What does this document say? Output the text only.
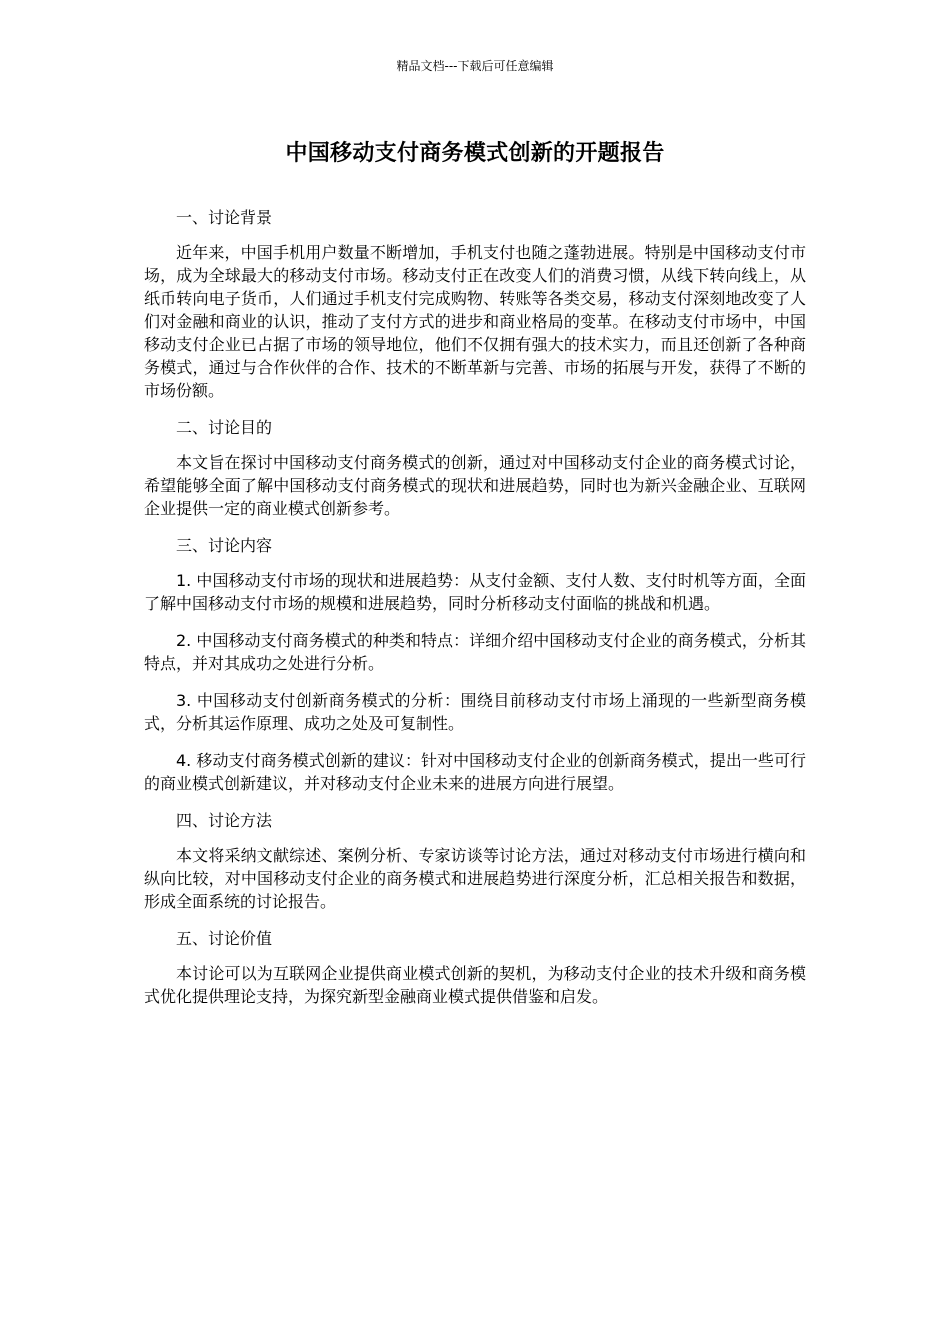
精品文档---下载后可任意编辑
中国移动支付商务模式创新的开题报告

一、讨论背景

近年来，中国手机用户数量不断增加，手机支付也随之蓬勃进展。特别是中国移动支付市场，成为全球最大的移动支付市场。移动支付正在改变人们的消费习惯，从线下转向线上，从纸币转向电子货币，人们通过手机支付完成购物、转账等各类交易，移动支付深刻地改变了人们对金融和商业的认识，推动了支付方式的进步和商业格局的变革。在移动支付市场中，中国移动支付企业已占据了市场的领导地位，他们不仅拥有强大的技术实力，而且还创新了各种商务模式，通过与合作伙伴的合作、技术的不断革新与完善、市场的拓展与开发，获得了不断的市场份额。

二、讨论目的

本文旨在探讨中国移动支付商务模式的创新，通过对中国移动支付企业的商务模式讨论，希望能够全面了解中国移动支付商务模式的现状和进展趋势，同时也为新兴金融企业、互联网企业提供一定的商业模式创新参考。

三、讨论内容

1. 中国移动支付市场的现状和进展趋势：从支付金额、支付人数、支付时机等方面，全面了解中国移动支付市场的规模和进展趋势，同时分析移动支付面临的挑战和机遇。

2. 中国移动支付商务模式的种类和特点：详细介绍中国移动支付企业的商务模式，分析其特点，并对其成功之处进行分析。

3. 中国移动支付创新商务模式的分析：围绕目前移动支付市场上涌现的一些新型商务模式，分析其运作原理、成功之处及可复制性。

4. 移动支付商务模式创新的建议：针对中国移动支付企业的创新商务模式，提出一些可行的商业模式创新建议，并对移动支付企业未来的进展方向进行展望。

四、讨论方法

本文将采纳文献综述、案例分析、专家访谈等讨论方法，通过对移动支付市场进行横向和纵向比较，对中国移动支付企业的商务模式和进展趋势进行深度分析，汇总相关报告和数据，形成全面系统的讨论报告。

五、讨论价值

本讨论可以为互联网企业提供商业模式创新的契机，为移动支付企业的技术升级和商务模式优化提供理论支持，为探究新型金融商业模式提供借鉴和启发。
